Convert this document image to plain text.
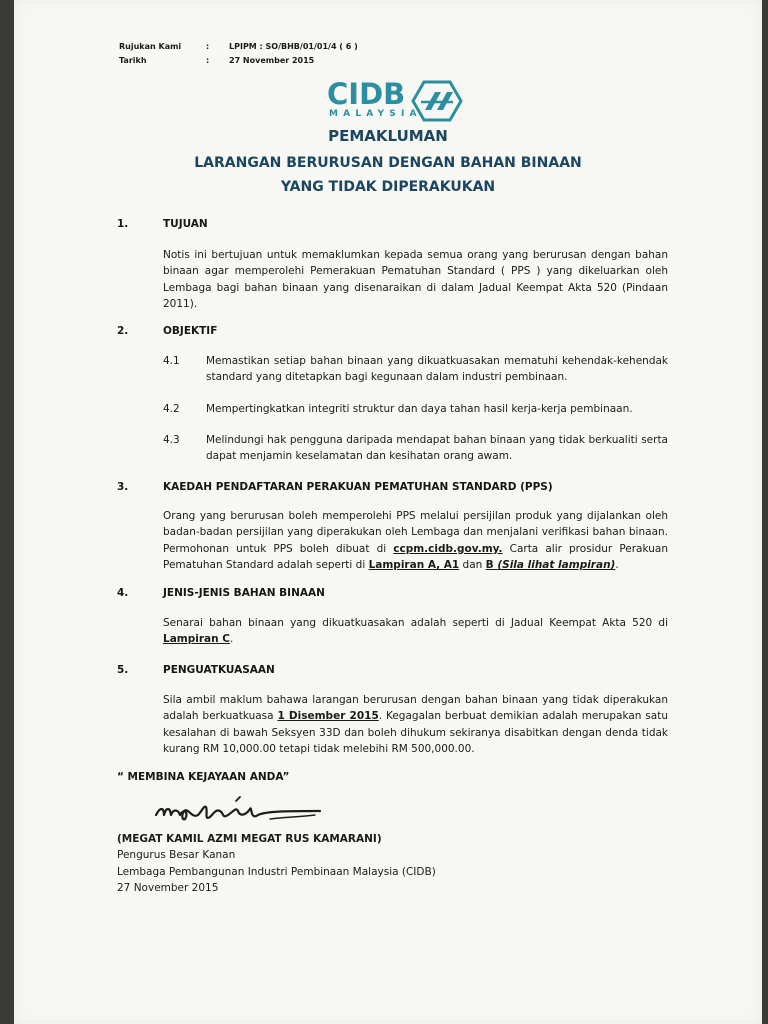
Rujukan Kami	:	LPIPM : SO/BHB/01/01/4 ( 6 )
Tarikh	:	27 November 2015
CIDB
MALAYSIA
PEMAKLUMAN
LARANGAN BERURUSAN DENGAN BAHAN BINAAN
YANG TIDAK DIPERAKUKAN
1.	TUJUAN
Notis ini bertujuan untuk memaklumkan kepada semua orang yang berurusan dengan bahan binaan agar memperolehi Pemerakuan Pematuhan Standard ( PPS ) yang dikeluarkan oleh Lembaga bagi bahan binaan yang disenaraikan di dalam Jadual Keempat Akta 520 (Pindaan 2011).
2.	OBJEKTIF
4.1	Memastikan setiap bahan binaan yang dikuatkuasakan mematuhi kehendak-kehendak standard yang ditetapkan bagi kegunaan dalam industri pembinaan.
4.2	Mempertingkatkan integriti struktur dan daya tahan hasil kerja-kerja pembinaan.
4.3	Melindungi hak pengguna daripada mendapat bahan binaan yang tidak berkualiti serta dapat menjamin keselamatan dan kesihatan orang awam.
3.	KAEDAH PENDAFTARAN PERAKUAN PEMATUHAN STANDARD (PPS)
Orang yang berurusan boleh memperolehi PPS melalui persijilan produk yang dijalankan oleh badan-badan persijilan yang diperakukan oleh Lembaga dan menjalani verifikasi bahan binaan. Permohonan untuk PPS boleh dibuat di ccpm.cidb.gov.my. Carta alir prosidur Perakuan Pematuhan Standard adalah seperti di Lampiran A, A1 dan B (Sila lihat lampiran).
4.	JENIS-JENIS BAHAN BINAAN
Senarai bahan binaan yang dikuatkuasakan adalah seperti di Jadual Keempat Akta 520 di Lampiran C.
5.	PENGUATKUASAAN
Sila ambil maklum bahawa larangan berurusan dengan bahan binaan yang tidak diperakukan adalah berkuatkuasa 1 Disember 2015. Kegagalan berbuat demikian adalah merupakan satu kesalahan di bawah Seksyen 33D dan boleh dihukum sekiranya disabitkan dengan denda tidak kurang RM 10,000.00 tetapi tidak melebihi RM 500,000.00.
“ MEMBINA KEJAYAAN ANDA”
(MEGAT KAMIL AZMI MEGAT RUS KAMARANI)
Pengurus Besar Kanan
Lembaga Pembangunan Industri Pembinaan Malaysia (CIDB)
27 November 2015
